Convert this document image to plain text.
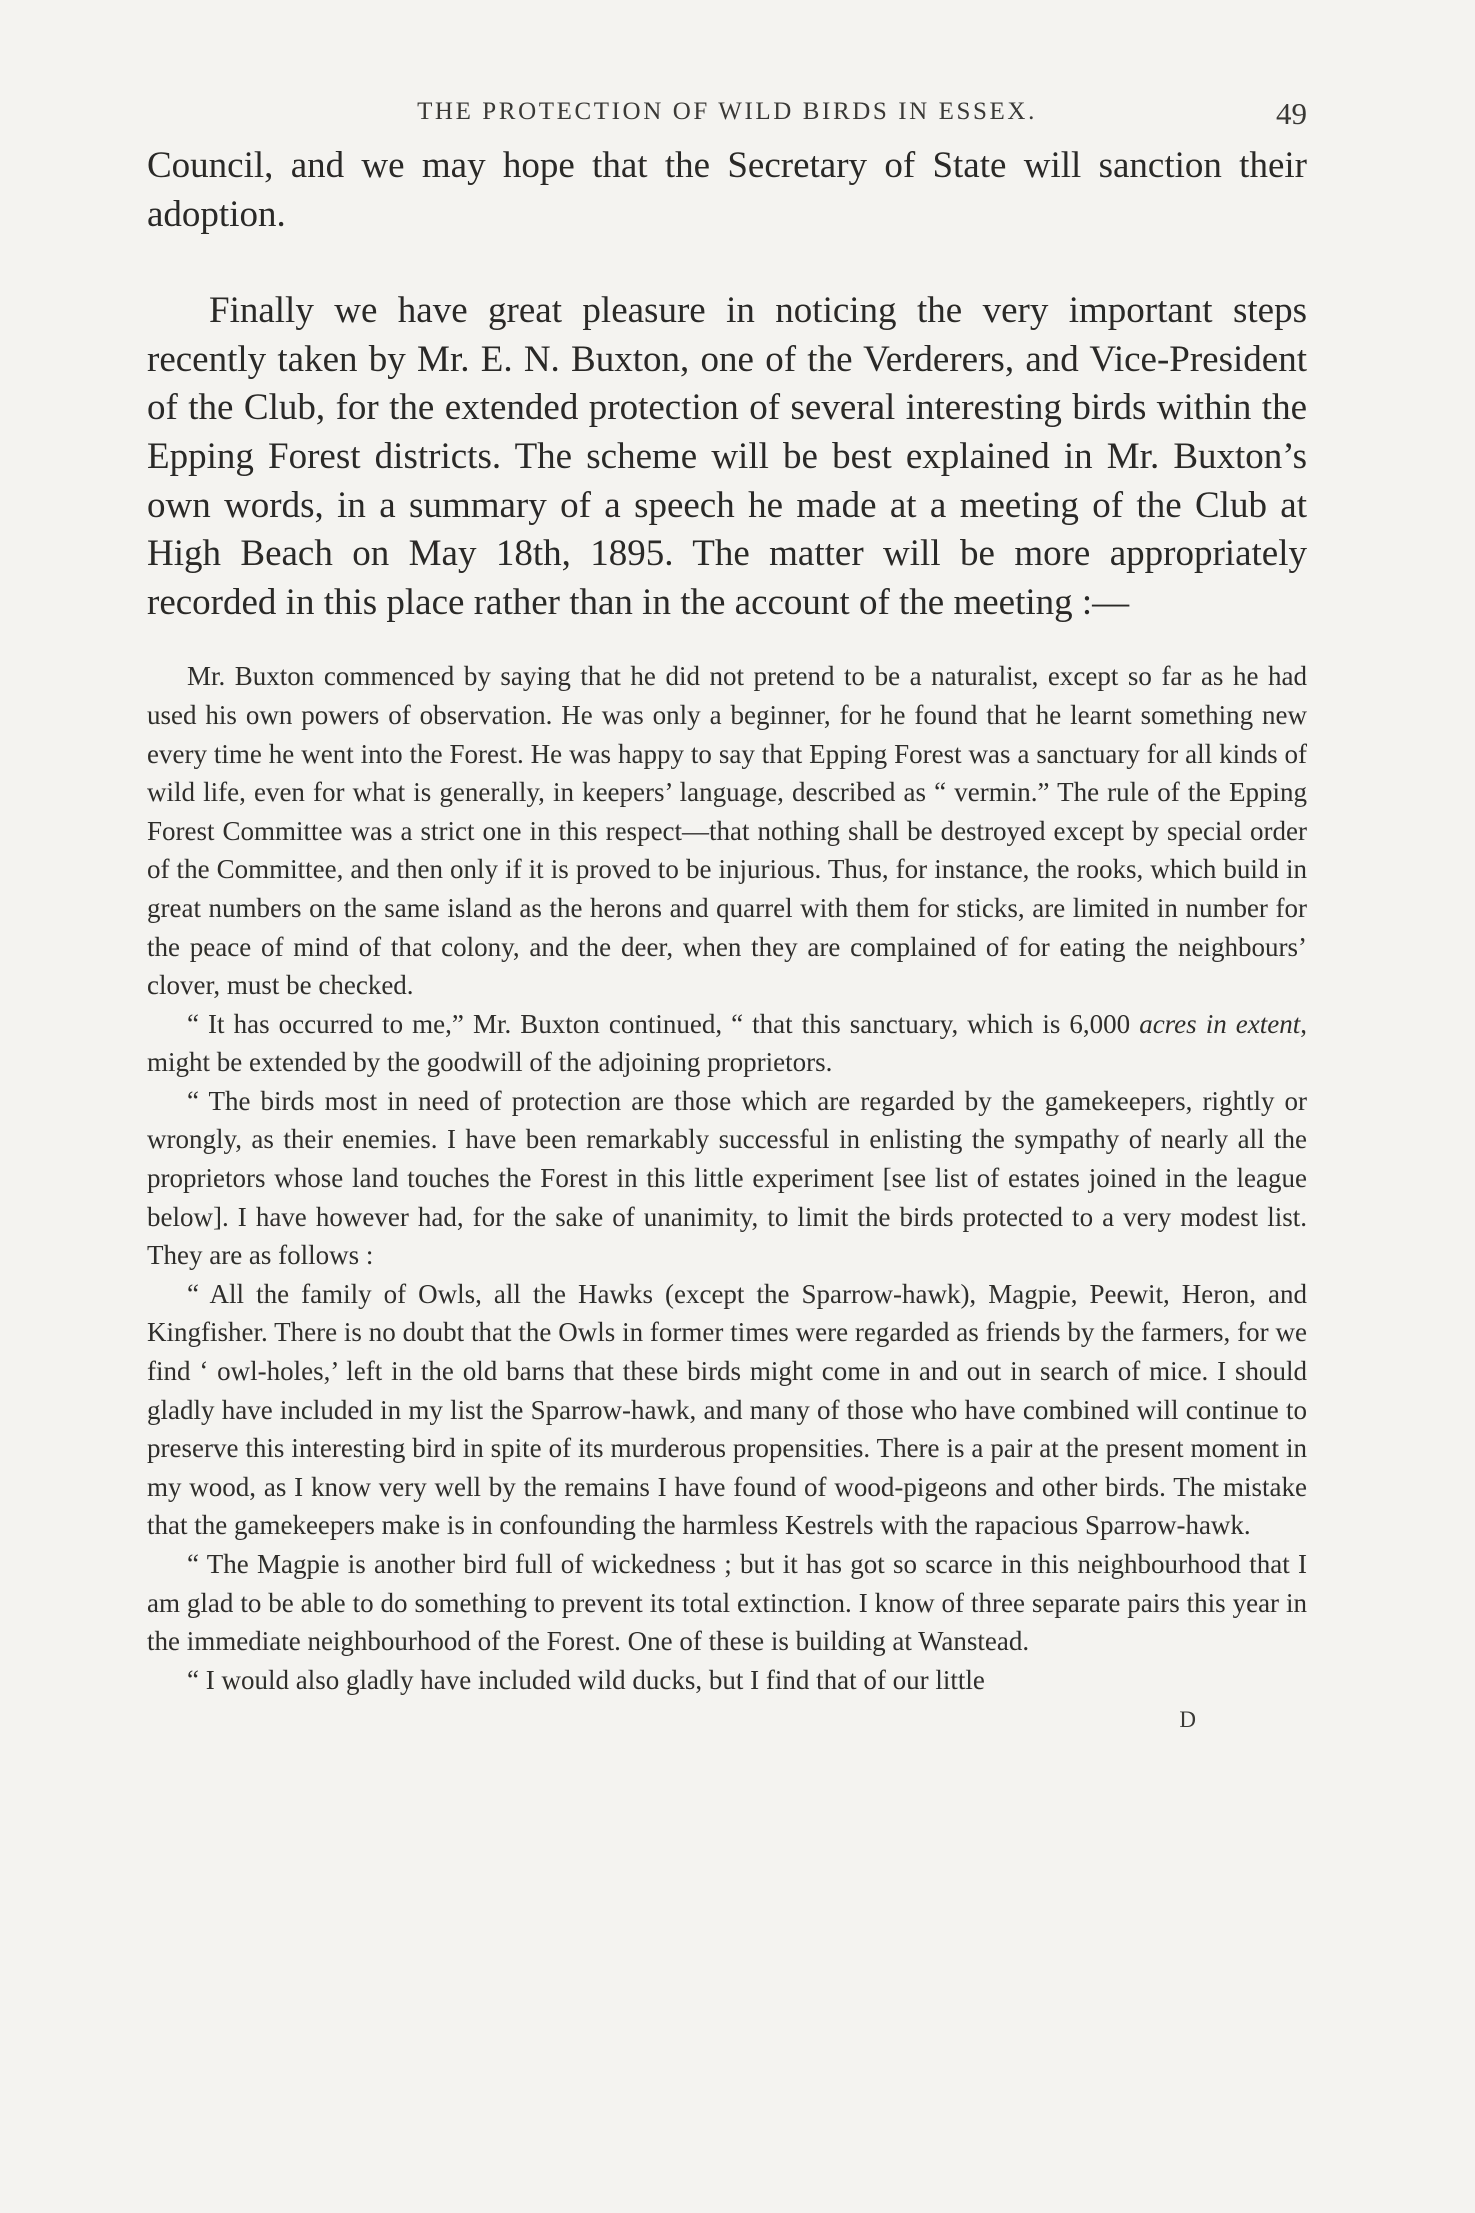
THE PROTECTION OF WILD BIRDS IN ESSEX.	49

Council, and we may hope that the Secretary of State will sanction their adoption.

Finally we have great pleasure in noticing the very important steps recently taken by Mr. E. N. Buxton, one of the Verderers, and Vice-President of the Club, for the extended protection of several interesting birds within the Epping Forest districts. The scheme will be best explained in Mr. Buxton’s own words, in a summary of a speech he made at a meeting of the Club at High Beach on May 18th, 1895. The matter will be more appropriately recorded in this place rather than in the account of the meeting :—

Mr. Buxton commenced by saying that he did not pretend to be a naturalist, except so far as he had used his own powers of observation. He was only a beginner, for he found that he learnt something new every time he went into the Forest. He was happy to say that Epping Forest was a sanctuary for all kinds of wild life, even for what is generally, in keepers’ language, described as “ vermin.” The rule of the Epping Forest Committee was a strict one in this respect—that nothing shall be destroyed except by special order of the Committee, and then only if it is proved to be injurious. Thus, for instance, the rooks, which build in great numbers on the same island as the herons and quarrel with them for sticks, are limited in number for the peace of mind of that colony, and the deer, when they are complained of for eating the neighbours’ clover, must be checked.

“ It has occurred to me,” Mr. Buxton continued, “ that this sanctuary, which is 6,000 acres in extent, might be extended by the goodwill of the adjoining proprietors.

“ The birds most in need of protection are those which are regarded by the gamekeepers, rightly or wrongly, as their enemies. I have been remarkably successful in enlisting the sympathy of nearly all the proprietors whose land touches the Forest in this little experiment [see list of estates joined in the league below]. I have however had, for the sake of unanimity, to limit the birds protected to a very modest list. They are as follows :

“ All the family of Owls, all the Hawks (except the Sparrow-hawk), Magpie, Peewit, Heron, and Kingfisher. There is no doubt that the Owls in former times were regarded as friends by the farmers, for we find ‘ owl-holes,’ left in the old barns that these birds might come in and out in search of mice. I should gladly have included in my list the Sparrow-hawk, and many of those who have combined will continue to preserve this interesting bird in spite of its murderous propensities. There is a pair at the present moment in my wood, as I know very well by the remains I have found of wood-pigeons and other birds. The mistake that the gamekeepers make is in confounding the harmless Kestrels with the rapacious Sparrow-hawk.

“ The Magpie is another bird full of wickedness ; but it has got so scarce in this neighbourhood that I am glad to be able to do something to prevent its total extinction. I know of three separate pairs this year in the immediate neighbourhood of the Forest. One of these is building at Wanstead.

“ I would also gladly have included wild ducks, but I find that of our little

D
